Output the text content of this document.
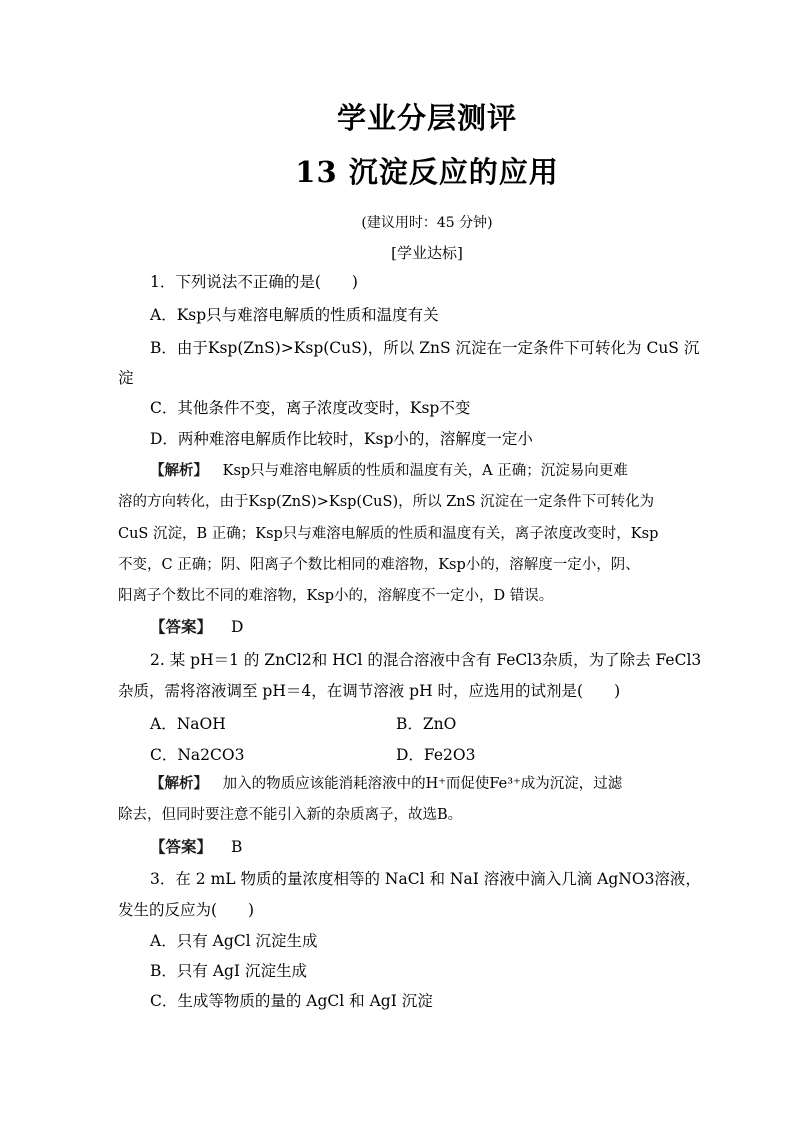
学业分层测评
13 沉淀反应的应用
(建议用时：45 分钟)
[学业达标]
1．下列说法不正确的是(　　)
A．Ksp只与难溶电解质的性质和温度有关
B．由于Ksp(ZnS)>Ksp(CuS)，所以 ZnS 沉淀在一定条件下可转化为 CuS 沉
淀
C．其他条件不变，离子浓度改变时，Ksp不变
D．两种难溶电解质作比较时，Ksp小的，溶解度一定小
【解析】 Ksp只与难溶电解质的性质和温度有关，A 正确；沉淀易向更难
溶的方向转化，由于Ksp(ZnS)>Ksp(CuS)，所以 ZnS 沉淀在一定条件下可转化为
CuS 沉淀，B 正确；Ksp只与难溶电解质的性质和温度有关，离子浓度改变时，Ksp
不变，C 正确；阴、阳离子个数比相同的难溶物，Ksp小的，溶解度一定小，阴、
阳离子个数比不同的难溶物，Ksp小的，溶解度不一定小，D 错误。
【答案】 D
2. 某 pH＝1 的 ZnCl2和 HCl 的混合溶液中含有 FeCl3杂质，为了除去 FeCl3
杂质，需将溶液调至 pH＝4，在调节溶液 pH 时，应选用的试剂是(　　)
A．NaOH	B．ZnO
C．Na2CO3	D．Fe2O3
【解析】 加入的物质应该能消耗溶液中的H⁺而促使Fe³⁺成为沉淀，过滤
除去，但同时要注意不能引入新的杂质离子，故选B。
【答案】 B
3．在 2 mL 物质的量浓度相等的 NaCl 和 NaI 溶液中滴入几滴 AgNO3溶液，
发生的反应为(　　)
A．只有 AgCl 沉淀生成
B．只有 AgI 沉淀生成
C．生成等物质的量的 AgCl 和 AgI 沉淀
